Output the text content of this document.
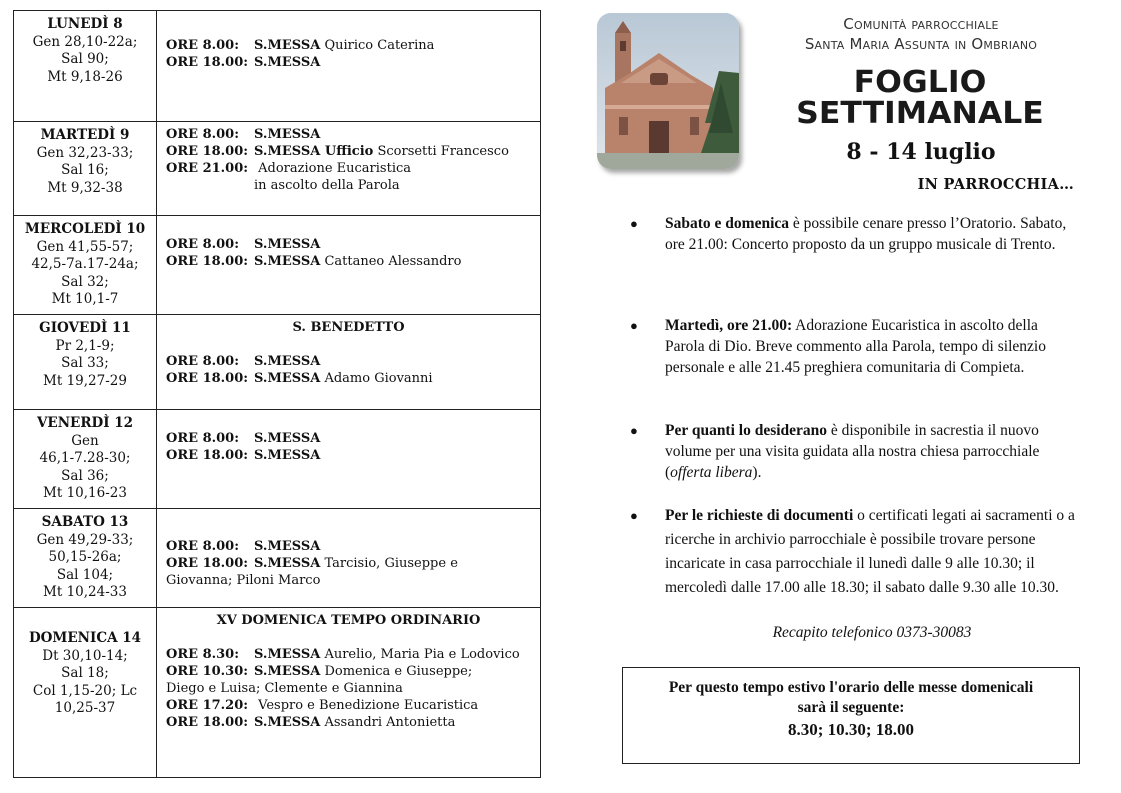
LUNEDÌ 8
Gen 28,10-22a;
Sal 90;
Mt 9,18-26
ORE 8.00: S.MESSA Quirico Caterina
ORE 18.00: S.MESSA
MARTEDÌ 9
Gen 32,23-33;
Sal 16;
Mt 9,32-38
ORE 8.00: S.MESSA
ORE 18.00: S.MESSA Ufficio Scorsetti Francesco
ORE 21.00: Adorazione Eucaristica
in ascolto della Parola
MERCOLEDÌ 10
Gen 41,55-57;
42,5-7a.17-24a;
Sal 32;
Mt 10,1-7
ORE 8.00: S.MESSA
ORE 18.00: S.MESSA Cattaneo Alessandro
GIOVEDÌ 11
Pr 2,1-9;
Sal 33;
Mt 19,27-29
S. BENEDETTO
ORE 8.00: S.MESSA
ORE 18.00: S.MESSA Adamo Giovanni
VENERDÌ 12
Gen
46,1-7.28-30;
Sal 36;
Mt 10,16-23
ORE 8.00: S.MESSA
ORE 18.00: S.MESSA
SABATO 13
Gen 49,29-33;
50,15-26a;
Sal 104;
Mt 10,24-33
ORE 8.00: S.MESSA
ORE 18.00: S.MESSA Tarcisio, Giuseppe e
Giovanna; Piloni Marco
DOMENICA 14
Dt 30,10-14;
Sal 18;
Col 1,15-20; Lc
10,25-37
XV DOMENICA TEMPO ORDINARIO
ORE 8.30: S.MESSA Aurelio, Maria Pia e Lodovico
ORE 10.30: S.MESSA Domenica e Giuseppe;
Diego e Luisa; Clemente e Giannina
ORE 17.20: Vespro e Benedizione Eucaristica
ORE 18.00: S.MESSA Assandri Antonietta
Comunità parrocchiale
Santa Maria Assunta in Ombriano
FOGLIO
SETTIMANALE
8 - 14 luglio
IN PARROCCHIA…
● Sabato e domenica è possibile cenare presso l’Oratorio. Sabato, ore 21.00: Concerto proposto da un gruppo musicale di Trento.
● Martedì, ore 21.00: Adorazione Eucaristica in ascolto della Parola di Dio. Breve commento alla Parola, tempo di silenzio personale e alle 21.45 preghiera comunitaria di Compieta.
● Per quanti lo desiderano è disponibile in sacrestia il nuovo volume per una visita guidata alla nostra chiesa parrocchiale (offerta libera).
● Per le richieste di documenti o certificati legati ai sacramenti o a ricerche in archivio parrocchiale è possibile trovare persone incaricate in casa parrocchiale il lunedì dalle 9 alle 10.30; il mercoledì dalle 17.00 alle 18.30; il sabato dalle 9.30 alle 10.30.
Recapito telefonico 0373-30083
Per questo tempo estivo l'orario delle messe domenicali
sarà il seguente:
8.30; 10.30; 18.00
